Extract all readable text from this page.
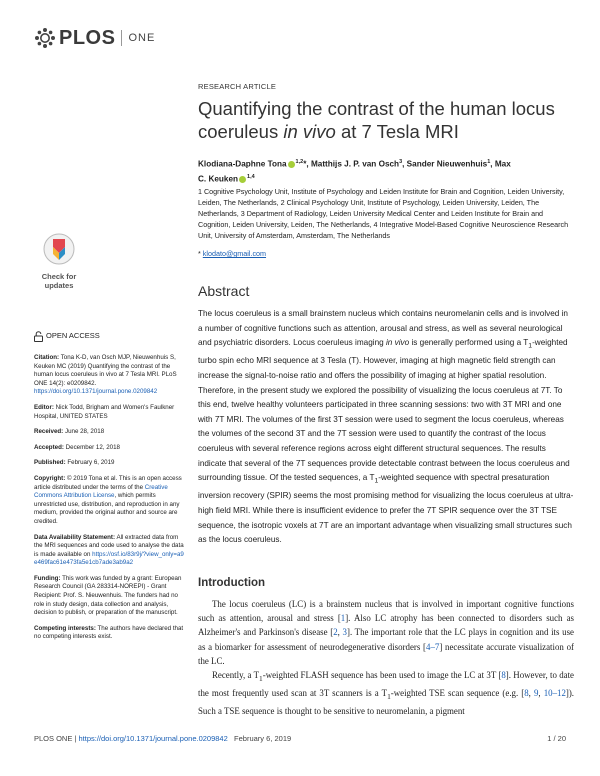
PLOS ONE
RESEARCH ARTICLE
Quantifying the contrast of the human locus coeruleus in vivo at 7 Tesla MRI
Klodiana-Daphne Tona $^{1,2}$*, Matthijs J. P. van Osch$^3$, Sander Nieuwenhuis$^1$, Max
C. Keuken $^{1,4}$
1 Cognitive Psychology Unit, Institute of Psychology and Leiden Institute for Brain and Cognition, Leiden University, Leiden, The Netherlands, 2 Clinical Psychology Unit, Institute of Psychology, Leiden University, Leiden, The Netherlands, 3 Department of Radiology, Leiden University Medical Center and Leiden Institute for Brain and Cognition, Leiden University, Leiden, The Netherlands, 4 Integrative Model-Based Cognitive Neuroscience Research Unit, University of Amsterdam, Amsterdam, The Netherlands
* klodato@gmail.com
Check for
updates	Abstract
The locus coeruleus is a small brainstem nucleus which contains neuromelanin cells and is involved in a number of cognitive functions such as attention, arousal and stress, as well as several neurological and psychiatric disorders. Locus coeruleus imaging in vivo is generally performed using a $T_1$-weighted turbo spin echo MRI sequence at 3 Tesla (T). However, imaging at high magnetic field strength can increase the signal-to-noise ratio and offers the possibility of imaging at higher spatial resolution. Therefore, in the present study we explored the possibility of visualizing the locus coeruleus at 7T. To this end, twelve healthy volunteers participated in three scanning sessions: two with 3T MRI and one with 7T MRI. The volumes of the first 3T session were used to segment the locus coeruleus, whereas the volumes of the second 3T and the 7T session were used to quantify the contrast of the locus coeruleus with several reference regions across eight different structural sequences. The results indicate that several of the 7T sequences provide detectable contrast between the locus coeruleus and surrounding tissue. Of the tested sequences, a $T_1$-weighted sequence with spectral presaturation inversion recovery (SPIR) seems the most promising method for visualizing the locus coeruleus at ultra-high field MRI. While there is insufficient evidence to prefer the 7T SPIR sequence over the 3T TSE sequence, the isotropic voxels at 7T are an important advantage when visualizing small structures such as the locus coeruleus.
OPEN ACCESS

Citation: Tona K-D, van Osch MJP, Nieuwenhuis S, Keuken MC (2019) Quantifying the contrast of the human locus coeruleus in vivo at 7 Tesla MRI. PLoS ONE 14(2): e0209842. https://doi.org/10.1371/journal.pone.0209842

Editor: Nick Todd, Brigham and Women's Faulkner Hospital, UNITED STATES

Received: June 28, 2018

Accepted: December 12, 2018

Published: February 6, 2019

Copyright: © 2019 Tona et al. This is an open access article distributed under the terms of the Creative Commons Attribution License, which permits unrestricted use, distribution, and reproduction in any medium, provided the original author and source are credited.

Data Availability Statement: All extracted data from the MRI sequences and code used to analyse the data is made available on https://osf.io/83r9j/?view_only=a9e469fac61e473fa5e1cb7ade3ab9a2

Funding: This work was funded by a grant: European Research Council (GA 283314-NOREPI) - Grant Recipient: Prof. S. Nieuwenhuis. The funders had no role in study design, data collection and analysis, decision to publish, or preparation of the manuscript.

Competing interests: The authors have declared that no competing interests exist.

Introduction

The locus coeruleus (LC) is a brainstem nucleus that is involved in important cognitive functions such as attention, arousal and stress [1]. Also LC atrophy has been connected to disorders such as Alzheimer's and Parkinson's disease [2, 3]. The important role that the LC plays in cognition and its use as a biomarker for assessment of neurodegenerative disorders [4–7] necessitate accurate visualization of the LC.

Recently, a $T_1$-weighted FLASH sequence has been used to image the LC at 3T [8]. However, to date the most frequently used scan at 3T scanners is a $T_1$-weighted TSE scan sequence (e.g. [8, 9, 10–12]). Such a TSE sequence is thought to be sensitive to neuromelanin, a pigment

PLOS ONE | https://doi.org/10.1371/journal.pone.0209842 February 6, 2019	1 / 20
